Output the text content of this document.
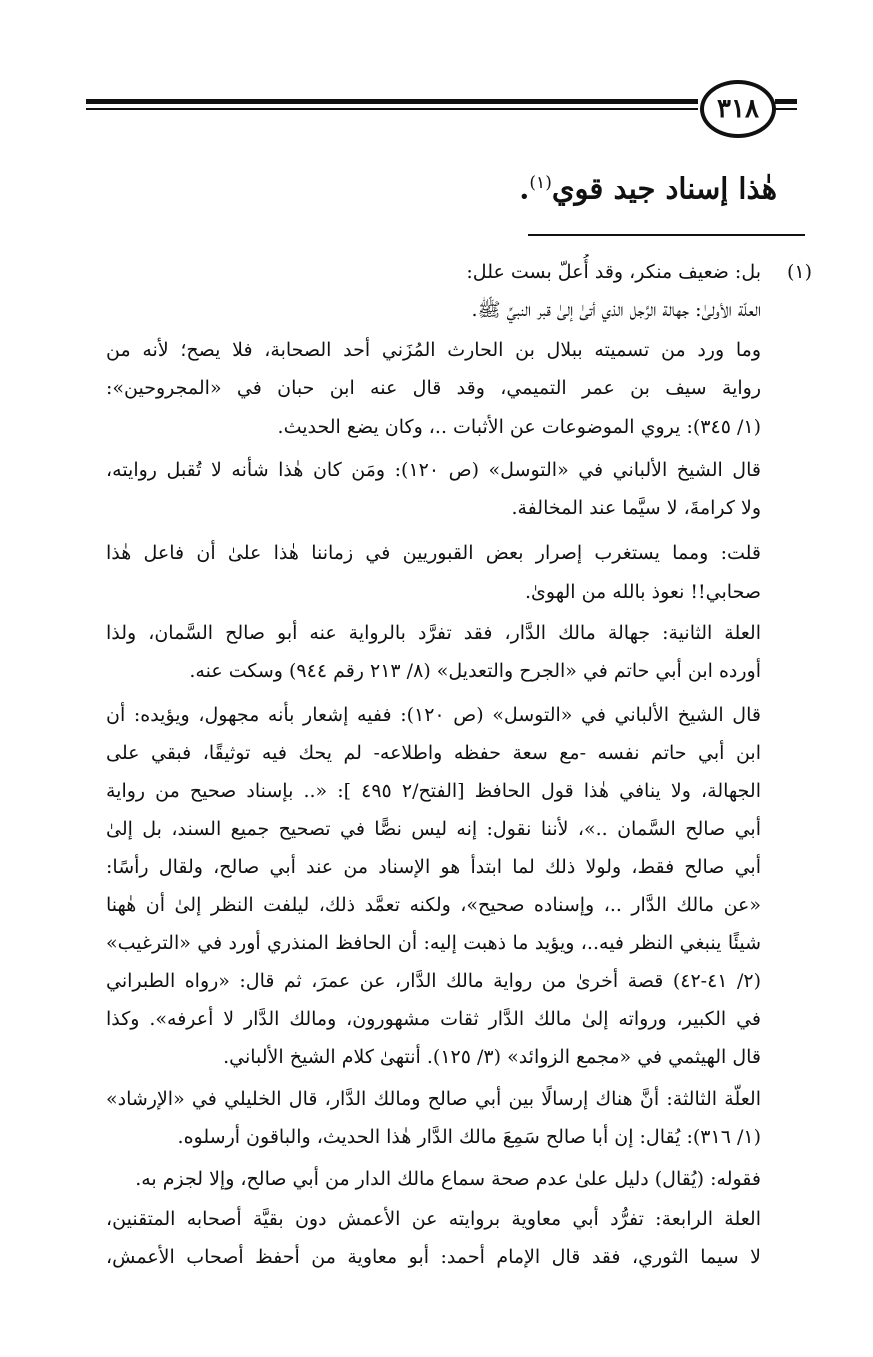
٣١٨
هٰذا إسناد جيد قوي$^{(١)}$.
(١)
بل: ضعيف منكر، وقد أُعلّ بست علل:
العلّة الأولىٰ: جهالة الرَّجل الذي أتىٰ إلىٰ قبر النبيِّ ﷺ.
وما ورد من تسميته ببلال بن الحارث المُزَني أحد الصحابة، فلا يصح؛ لأنه من
رواية سيف بن عمر التميمي، وقد قال عنه ابن حبان في «المجروحين»:
(١/ ٣٤٥): يروي الموضوعات عن الأثبات ..، وكان يضع الحديث.
قال الشيخ الألباني في «التوسل» (ص ١٢٠): ومَن كان هٰذا شأنه لا تُقبل روايته،
ولا كرامةَ، لا سيَّما عند المخالفة.
قلت: ومما يستغرب إصرار بعض القبوريين في زماننا هٰذا علىٰ أن فاعل هٰذا
صحابي!! نعوذ بالله من الهوىٰ.
العلة الثانية: جهالة مالك الدَّار، فقد تفرَّد بالرواية عنه أبو صالح السَّمان، ولذا
أورده ابن أبي حاتم في «الجرح والتعديل» (٨/ ٢١٣ رقم ٩٤٤) وسكت عنه.
قال الشيخ الألباني في «التوسل» (ص ١٢٠): ففيه إشعار بأنه مجهول، ويؤيده: أن
ابن أبي حاتم نفسه -مع سعة حفظه واطلاعه- لم يحك فيه توثيقًا، فبقي على
الجهالة، ولا ينافي هٰذا قول الحافظ [الفتح/٢ ٤٩٥ ]: «.. بإسناد صحيح من رواية
أبي صالح السَّمان ..»، لأننا نقول: إنه ليس نصًّا في تصحيح جميع السند، بل إلىٰ
أبي صالح فقط، ولولا ذلك لما ابتدأ هو الإسناد من عند أبي صالح، ولقال رأسًا:
«عن مالك الدَّار ..، وإسناده صحيح»، ولكنه تعمَّد ذلك، ليلفت النظر إلىٰ أن هٰهنا
شيئًا ينبغي النظر فيه..، ويؤيد ما ذهبت إليه: أن الحافظ المنذري أورد في «الترغيب»
(٢/ ٤١-٤٢) قصة أخرىٰ من رواية مالك الدَّار، عن عمرَ، ثم قال: «رواه الطبراني
في الكبير، ورواته إلىٰ مالك الدَّار ثقات مشهورون، ومالك الدَّار لا أعرفه». وكذا
قال الهيثمي في «مجمع الزوائد» (٣/ ١٢٥). أنتهىٰ كلام الشيخ الألباني.
العلّة الثالثة: أنَّ هناك إرسالًا بين أبي صالح ومالك الدَّار، قال الخليلي في «الإرشاد»
(١/ ٣١٦): يُقال: إن أبا صالح سَمِعَ مالك الدَّار هٰذا الحديث، والباقون أرسلوه.
فقوله: (يُقال) دليل علىٰ عدم صحة سماع مالك الدار من أبي صالح، وإلا لجزم به.
العلة الرابعة: تفرُّد أبي معاوية بروايته عن الأعمش دون بقيَّة أصحابه المتقنين،
لا سيما الثوري، فقد قال الإمام أحمد: أبو معاوية من أحفظ أصحاب الأعمش،
